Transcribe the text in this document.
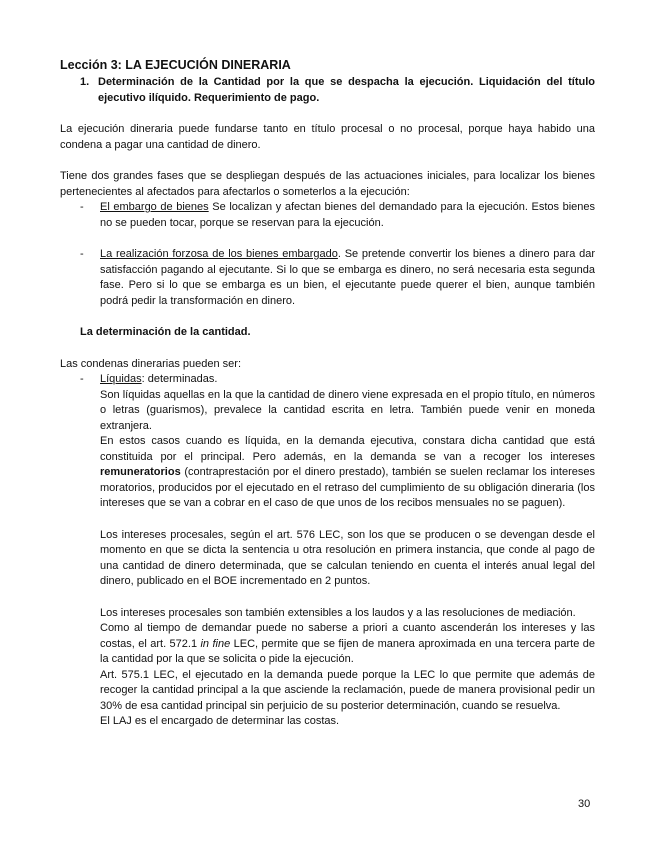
Lección 3: LA EJECUCIÓN DINERARIA

1. Determinación de la Cantidad por la que se despacha la ejecución. Liquidación del título ejecutivo ilíquido. Requerimiento de pago.

La ejecución dineraria puede fundarse tanto en título procesal o no procesal, porque haya habido una condena a pagar una cantidad de dinero.

Tiene dos grandes fases que se despliegan después de las actuaciones iniciales, para localizar los bienes pertenecientes al afectados para afectarlos o someterlos a la ejecución:

-	El embargo de bienes Se localizan y afectan bienes del demandado para la ejecución. Estos bienes no se pueden tocar, porque se reservan para la ejecución.
-	La realización forzosa de los bienes embargado. Se pretende convertir los bienes a dinero para dar satisfacción pagando al ejecutante. Si lo que se embarga es dinero, no será necesaria esta segunda fase. Pero si lo que se embarga es un bien, el ejecutante puede querer el bien, aunque también podrá pedir la transformación en dinero.

La determinación de la cantidad.

Las condenas dinerarias pueden ser:

-	Líquidas: determinadas.

Son líquidas aquellas en la que la cantidad de dinero viene expresada en el propio título, en números o letras (guarismos), prevalece la cantidad escrita en letra. También puede venir en moneda extranjera.

En estos casos cuando es líquida, en la demanda ejecutiva, constara dicha cantidad que está constituida por el principal. Pero además, en la demanda se van a recoger los intereses remuneratorios (contraprestación por el dinero prestado), también se suelen reclamar los intereses moratorios, producidos por el ejecutado en el retraso del cumplimiento de su obligación dineraria (los intereses que se van a cobrar en el caso de que unos de los recibos mensuales no se paguen).

Los intereses procesales, según el art. 576 LEC, son los que se producen o se devengan desde el momento en que se dicta la sentencia u otra resolución en primera instancia, que conde al pago de una cantidad de dinero determinada, que se calculan teniendo en cuenta el interés anual legal del dinero, publicado en el BOE incrementado en 2 puntos.

Los intereses procesales son también extensibles a los laudos y a las resoluciones de mediación.

Como al tiempo de demandar puede no saberse a priori a cuanto ascenderán los intereses y las costas, el art. 572.1 in fine LEC, permite que se fijen de manera aproximada en una tercera parte de la cantidad por la que se solicita o pide la ejecución.

Art. 575.1 LEC, el ejecutado en la demanda puede porque la LEC lo que permite que además de recoger la cantidad principal a la que asciende la reclamación, puede de manera provisional pedir un 30% de esa cantidad principal sin perjuicio de su posterior determinación, cuando se resuelva.

El LAJ es el encargado de determinar las costas.

30
